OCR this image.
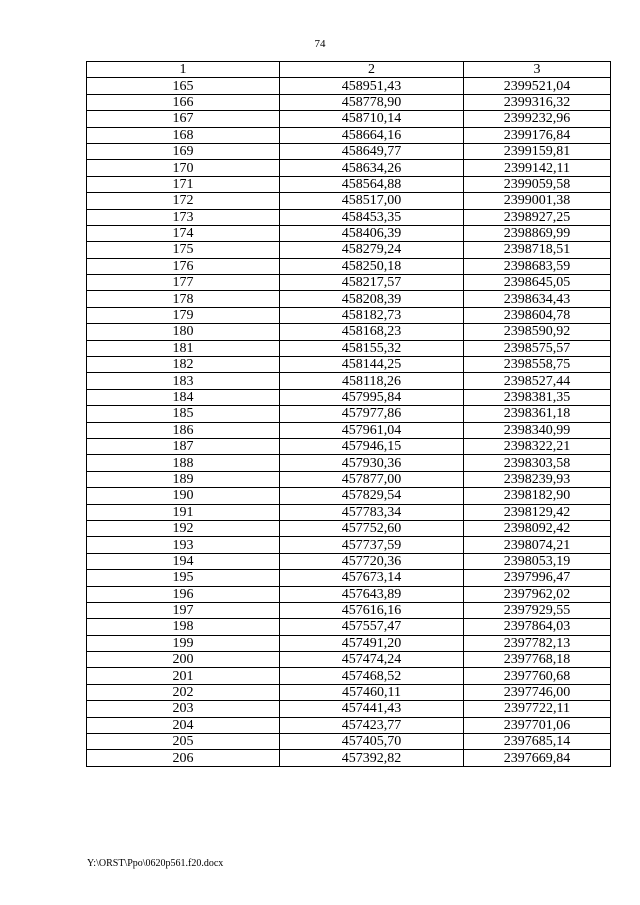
74
1	2	3
165	458951,43	2399521,04
166	458778,90	2399316,32
167	458710,14	2399232,96
168	458664,16	2399176,84
169	458649,77	2399159,81
170	458634,26	2399142,11
171	458564,88	2399059,58
172	458517,00	2399001,38
173	458453,35	2398927,25
174	458406,39	2398869,99
175	458279,24	2398718,51
176	458250,18	2398683,59
177	458217,57	2398645,05
178	458208,39	2398634,43
179	458182,73	2398604,78
180	458168,23	2398590,92
181	458155,32	2398575,57
182	458144,25	2398558,75
183	458118,26	2398527,44
184	457995,84	2398381,35
185	457977,86	2398361,18
186	457961,04	2398340,99
187	457946,15	2398322,21
188	457930,36	2398303,58
189	457877,00	2398239,93
190	457829,54	2398182,90
191	457783,34	2398129,42
192	457752,60	2398092,42
193	457737,59	2398074,21
194	457720,36	2398053,19
195	457673,14	2397996,47
196	457643,89	2397962,02
197	457616,16	2397929,55
198	457557,47	2397864,03
199	457491,20	2397782,13
200	457474,24	2397768,18
201	457468,52	2397760,68
202	457460,11	2397746,00
203	457441,43	2397722,11
204	457423,77	2397701,06
205	457405,70	2397685,14
206	457392,82	2397669,84
Y:\ORST\Ppo\0620p561.f20.docx
